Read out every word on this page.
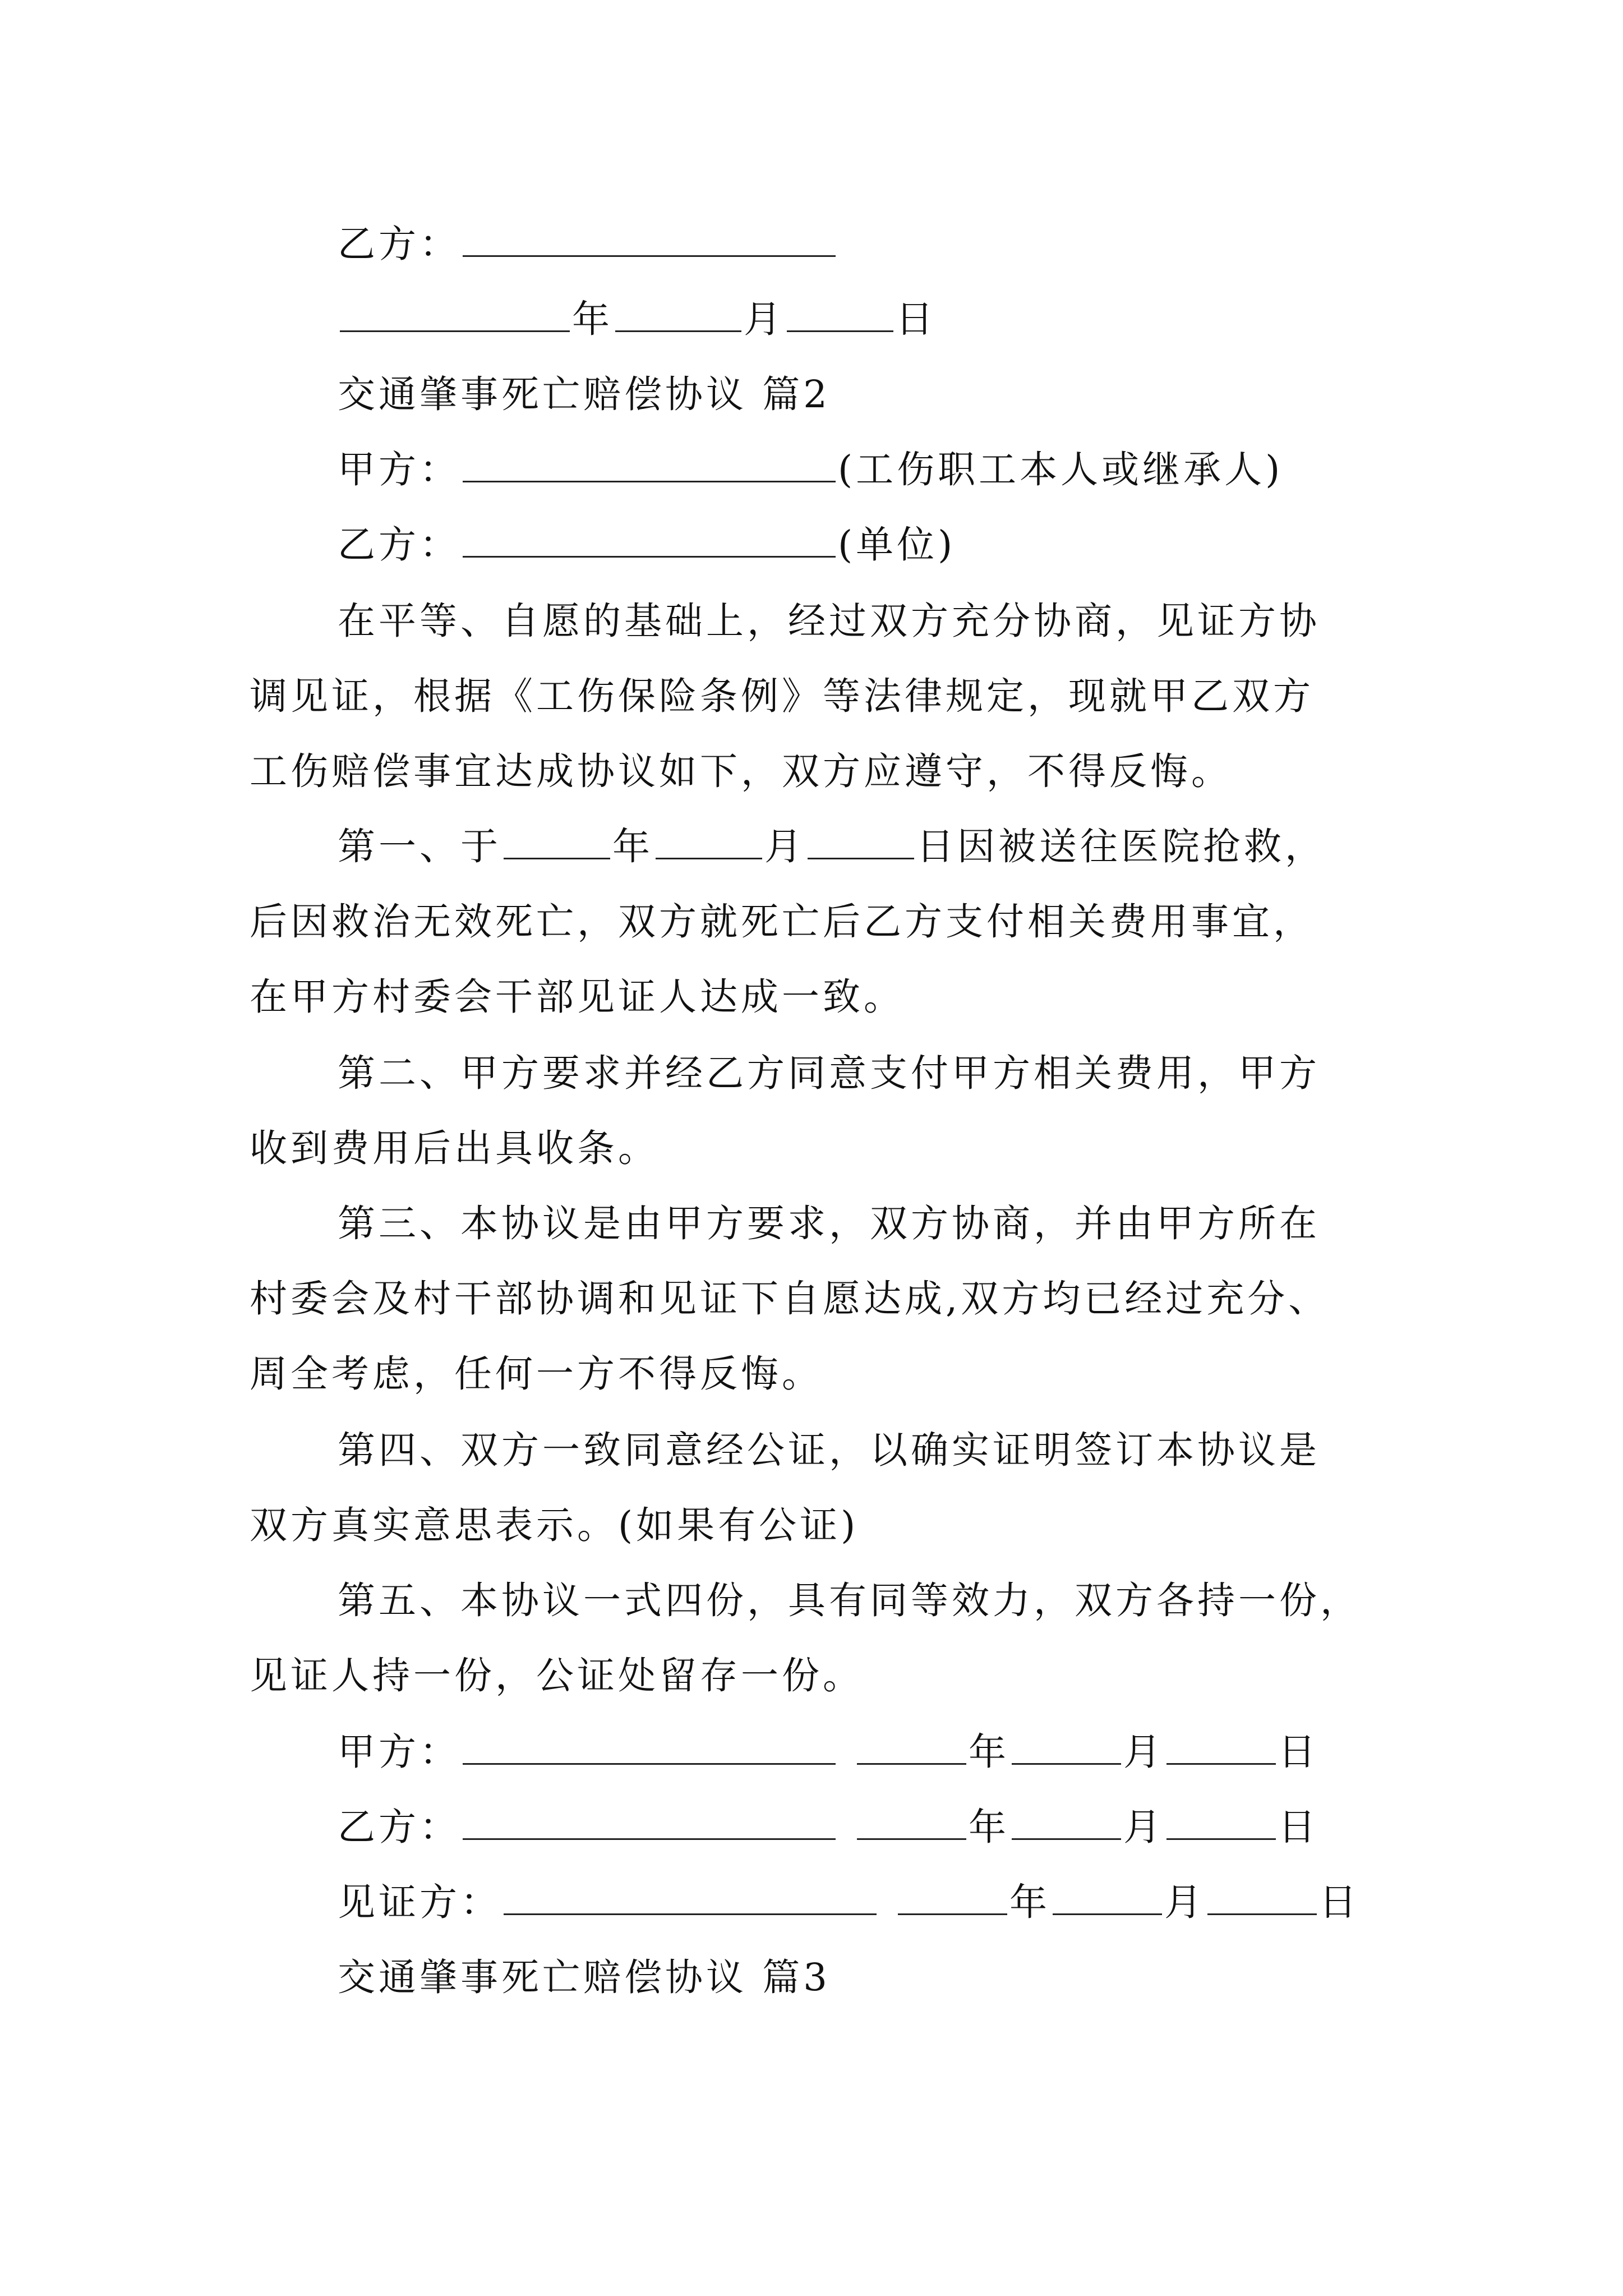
乙方：
年	月	日
交通肇事死亡赔偿协议 篇2
甲方：	(工伤职工本人或继承人)
乙方：	(单位)
在平等、自愿的基础上，经过双方充分协商，见证方协
调见证，根据《工伤保险条例》等法律规定，现就甲乙双方
工伤赔偿事宜达成协议如下，双方应遵守，不得反悔。
第一、于	年	月	日因被送往医院抢救，
后因救治无效死亡，双方就死亡后乙方支付相关费用事宜，
在甲方村委会干部见证人达成一致。
第二、甲方要求并经乙方同意支付甲方相关费用，甲方
收到费用后出具收条。
第三、本协议是由甲方要求，双方协商，并由甲方所在
村委会及村干部协调和见证下自愿达成,双方均已经过充分、
周全考虑，任何一方不得反悔。
第四、双方一致同意经公证，以确实证明签订本协议是
双方真实意思表示。(如果有公证)
第五、本协议一式四份，具有同等效力，双方各持一份，
见证人持一份，公证处留存一份。
甲方：	年	月	日
乙方：	年	月	日
见证方：	年	月	日
交通肇事死亡赔偿协议 篇3
